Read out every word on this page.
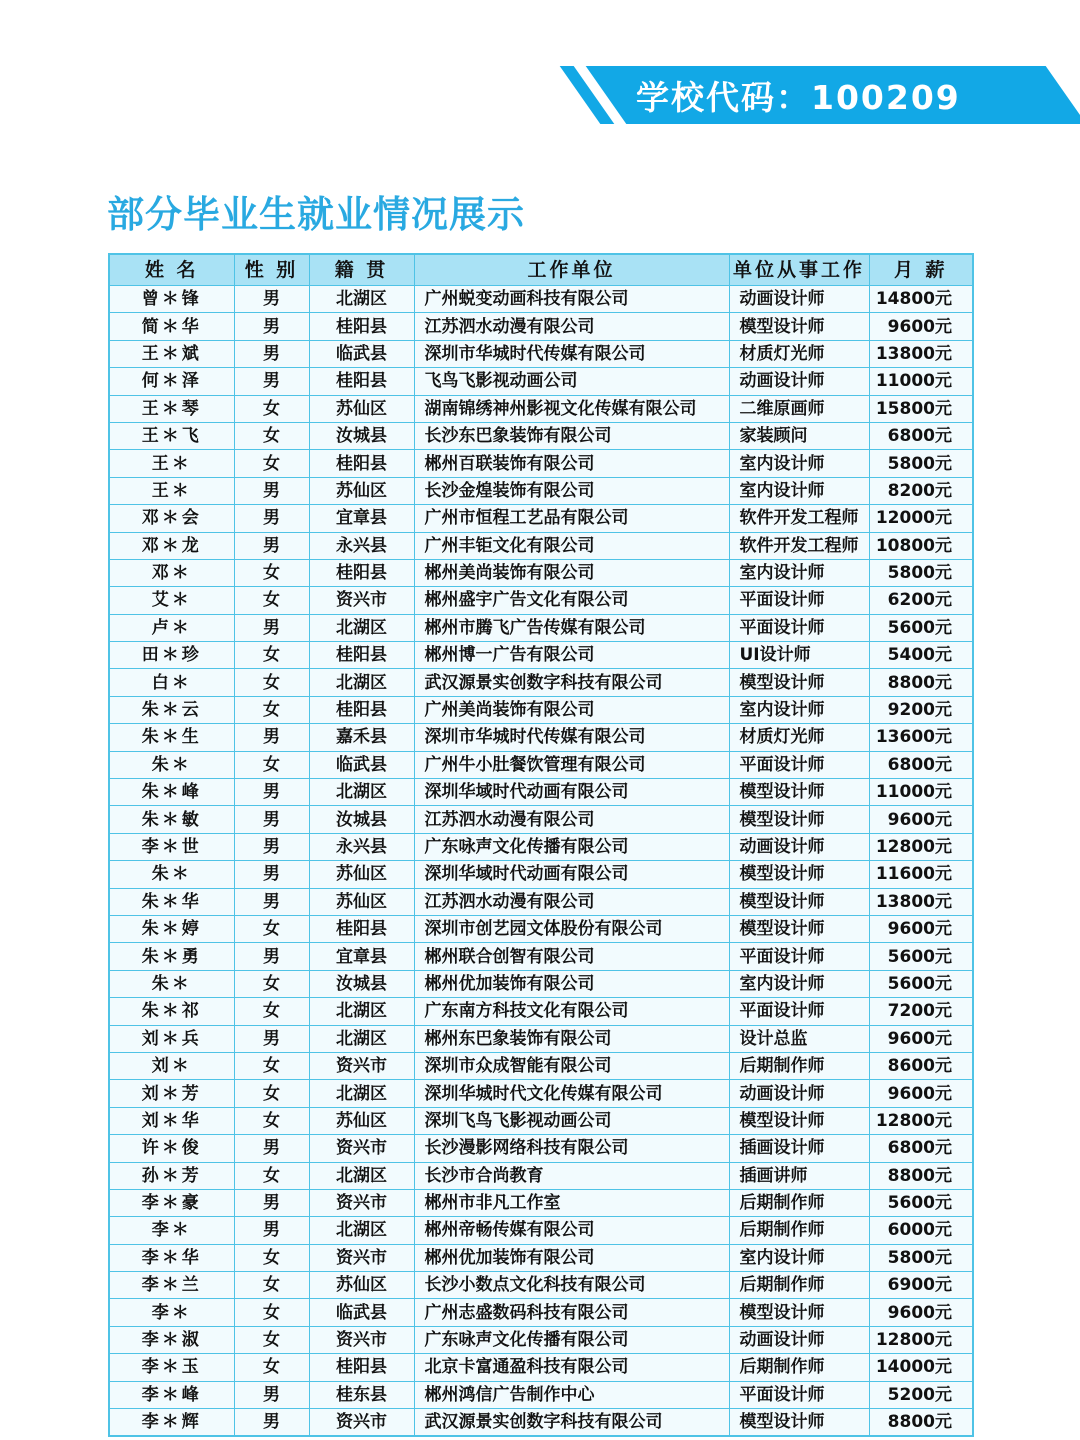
学校代码：100209
部分毕业生就业情况展示
姓 名	性 别	籍 贯	工作单位	单位从事工作	月 薪
曾＊锋	男	北湖区	广州蜕变动画科技有限公司	动画设计师	14800元
简＊华	男	桂阳县	江苏泗水动漫有限公司	模型设计师	9600元
王＊斌	男	临武县	深圳市华城时代传媒有限公司	材质灯光师	13800元
何＊泽	男	桂阳县	飞鸟飞影视动画公司	动画设计师	11000元
王＊琴	女	苏仙区	湖南锦绣神州影视文化传媒有限公司	二维原画师	15800元
王＊飞	女	汝城县	长沙东巴象装饰有限公司	家装顾问	6800元
王＊	女	桂阳县	郴州百联装饰有限公司	室内设计师	5800元
王＊	男	苏仙区	长沙金煌装饰有限公司	室内设计师	8200元
邓＊会	男	宜章县	广州市恒程工艺品有限公司	软件开发工程师	12000元
邓＊龙	男	永兴县	广州丰钜文化有限公司	软件开发工程师	10800元
邓＊	女	桂阳县	郴州美尚装饰有限公司	室内设计师	5800元
艾＊	女	资兴市	郴州盛宇广告文化有限公司	平面设计师	6200元
卢＊	男	北湖区	郴州市腾飞广告传媒有限公司	平面设计师	5600元
田＊珍	女	桂阳县	郴州博一广告有限公司	UI设计师	5400元
白＊	女	北湖区	武汉源景实创数字科技有限公司	模型设计师	8800元
朱＊云	女	桂阳县	广州美尚装饰有限公司	室内设计师	9200元
朱＊生	男	嘉禾县	深圳市华城时代传媒有限公司	材质灯光师	13600元
朱＊	女	临武县	广州牛小肚餐饮管理有限公司	平面设计师	6800元
朱＊峰	男	北湖区	深圳华域时代动画有限公司	模型设计师	11000元
朱＊敏	男	汝城县	江苏泗水动漫有限公司	模型设计师	9600元
李＊世	男	永兴县	广东咏声文化传播有限公司	动画设计师	12800元
朱＊	男	苏仙区	深圳华域时代动画有限公司	模型设计师	11600元
朱＊华	男	苏仙区	江苏泗水动漫有限公司	模型设计师	13800元
朱＊婷	女	桂阳县	深圳市创艺园文体股份有限公司	模型设计师	9600元
朱＊勇	男	宜章县	郴州联合创智有限公司	平面设计师	5600元
朱＊	女	汝城县	郴州优加装饰有限公司	室内设计师	5600元
朱＊祁	女	北湖区	广东南方科技文化有限公司	平面设计师	7200元
刘＊兵	男	北湖区	郴州东巴象装饰有限公司	设计总监	9600元
刘＊	女	资兴市	深圳市众成智能有限公司	后期制作师	8600元
刘＊芳	女	北湖区	深圳华城时代文化传媒有限公司	动画设计师	9600元
刘＊华	女	苏仙区	深圳飞鸟飞影视动画公司	模型设计师	12800元
许＊俊	男	资兴市	长沙漫影网络科技有限公司	插画设计师	6800元
孙＊芳	女	北湖区	长沙市合尚教育	插画讲师	8800元
李＊豪	男	资兴市	郴州市非凡工作室	后期制作师	5600元
李＊	男	北湖区	郴州帝畅传媒有限公司	后期制作师	6000元
李＊华	女	资兴市	郴州优加装饰有限公司	室内设计师	5800元
李＊兰	女	苏仙区	长沙小数点文化科技有限公司	后期制作师	6900元
李＊	女	临武县	广州志盛数码科技有限公司	模型设计师	9600元
李＊淑	女	资兴市	广东咏声文化传播有限公司	动画设计师	12800元
李＊玉	女	桂阳县	北京卡富通盈科技有限公司	后期制作师	14000元
李＊峰	男	桂东县	郴州鸿信广告制作中心	平面设计师	5200元
李＊辉	男	资兴市	武汉源景实创数字科技有限公司	模型设计师	8800元
